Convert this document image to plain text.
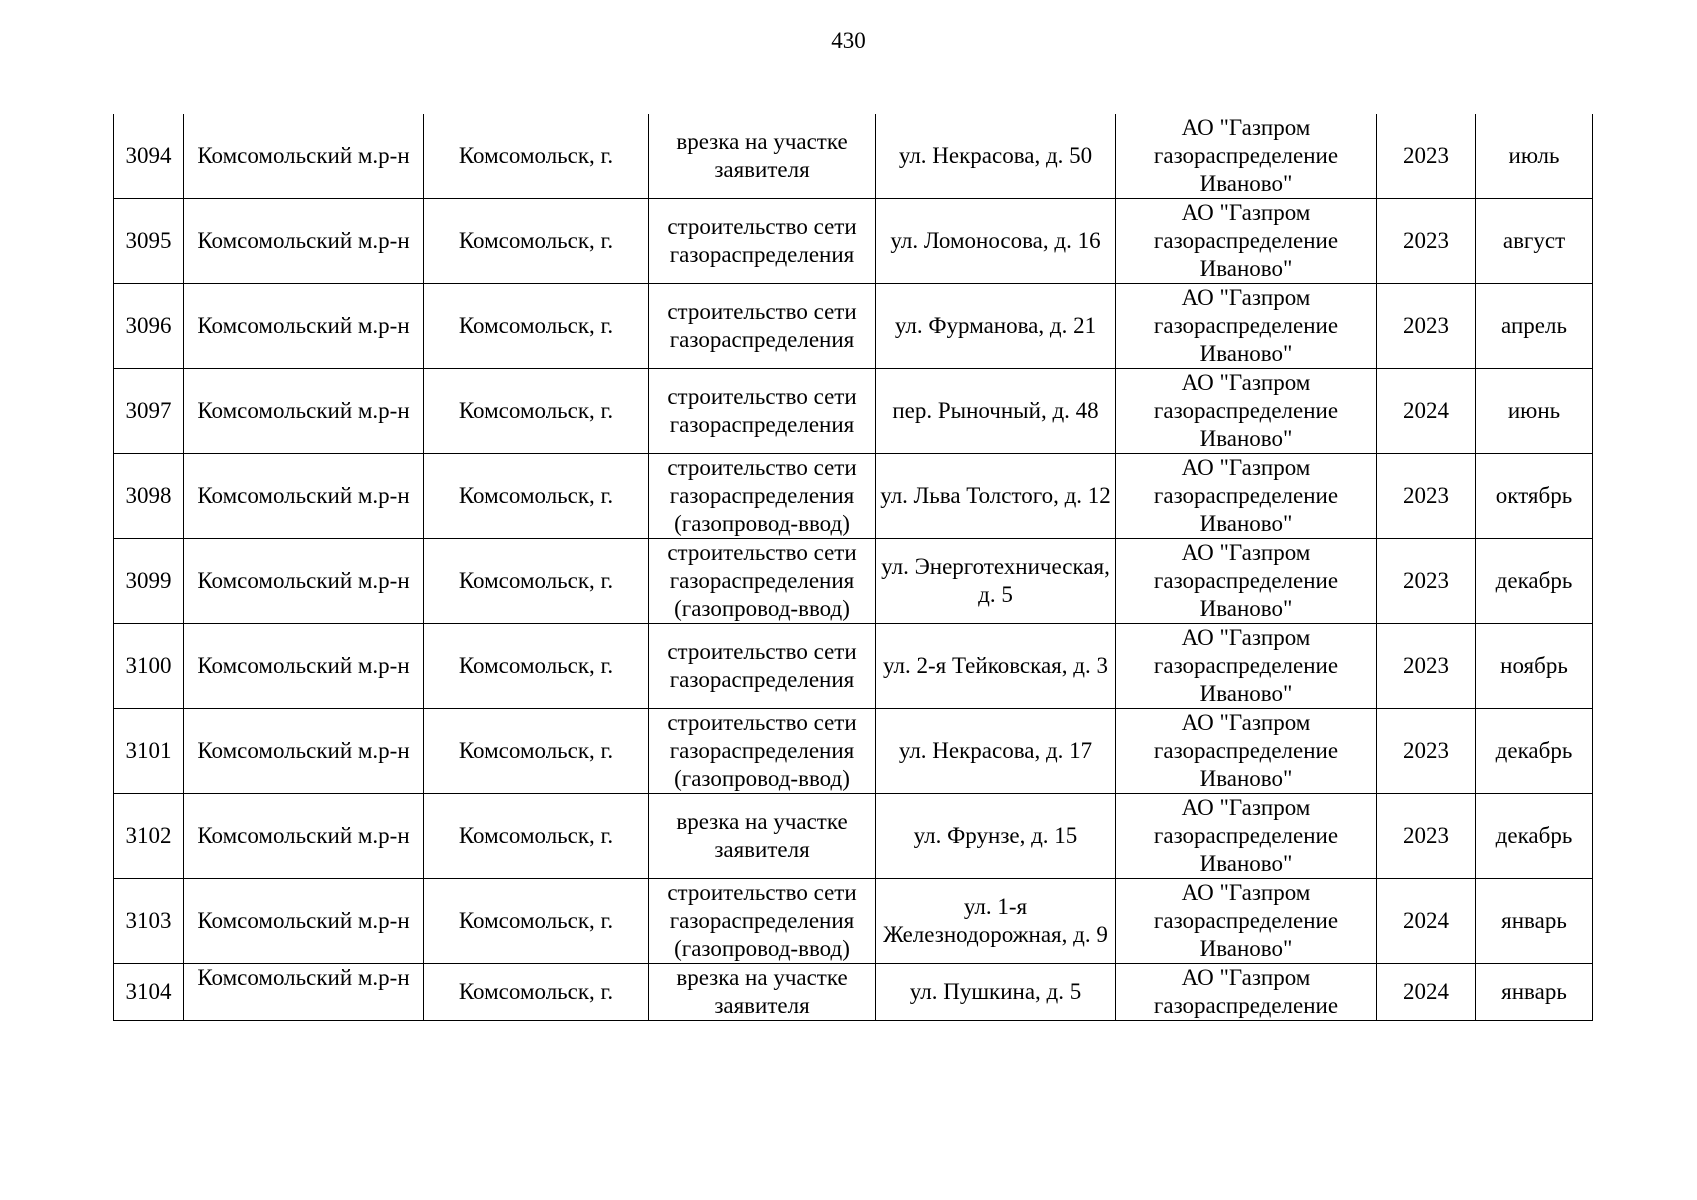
430
3094	Комсомольский м.р-н	Комсомольск, г.	врезка на участке заявителя	ул. Некрасова, д. 50	АО "Газпром газораспределение Иваново"	2023	июль
3095	Комсомольский м.р-н	Комсомольск, г.	строительство сети газораспределения	ул. Ломоносова, д. 16	АО "Газпром газораспределение Иваново"	2023	август
3096	Комсомольский м.р-н	Комсомольск, г.	строительство сети газораспределения	ул. Фурманова, д. 21	АО "Газпром газораспределение Иваново"	2023	апрель
3097	Комсомольский м.р-н	Комсомольск, г.	строительство сети газораспределения	пер. Рыночный, д. 48	АО "Газпром газораспределение Иваново"	2024	июнь
3098	Комсомольский м.р-н	Комсомольск, г.	строительство сети газораспределения (газопровод-ввод)	ул. Льва Толстого, д. 12	АО "Газпром газораспределение Иваново"	2023	октябрь
3099	Комсомольский м.р-н	Комсомольск, г.	строительство сети газораспределения (газопровод-ввод)	ул. Энерготехническая, д. 5	АО "Газпром газораспределение Иваново"	2023	декабрь
3100	Комсомольский м.р-н	Комсомольск, г.	строительство сети газораспределения	ул. 2-я Тейковская, д. 3	АО "Газпром газораспределение Иваново"	2023	ноябрь
3101	Комсомольский м.р-н	Комсомольск, г.	строительство сети газораспределения (газопровод-ввод)	ул. Некрасова, д. 17	АО "Газпром газораспределение Иваново"	2023	декабрь
3102	Комсомольский м.р-н	Комсомольск, г.	врезка на участке заявителя	ул. Фрунзе, д. 15	АО "Газпром газораспределение Иваново"	2023	декабрь
3103	Комсомольский м.р-н	Комсомольск, г.	строительство сети газораспределения (газопровод-ввод)	ул. 1-я Железнодорожная, д. 9	АО "Газпром газораспределение Иваново"	2024	январь
3104	Комсомольский м.р-н	Комсомольск, г.	врезка на участке заявителя	ул. Пушкина, д. 5	АО "Газпром газораспределение	2024	январь
